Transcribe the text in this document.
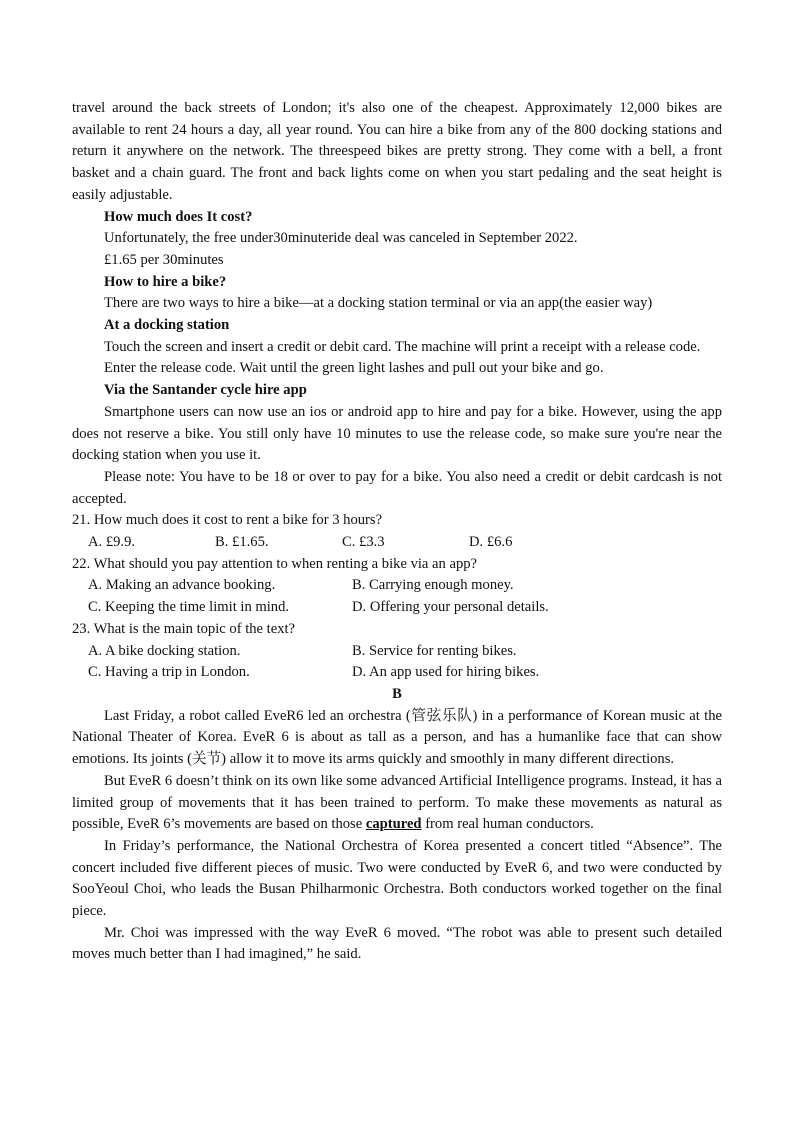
travel around the back streets of London; it's also one of the cheapest. Approximately 12,000 bikes are available to rent 24 hours a day, all year round. You can hire a bike from any of the 800 docking stations and return it anywhere on the network. The threespeed bikes are pretty strong. They come with a bell, a front basket and a chain guard. The front and back lights come on when you start pedaling and the seat height is easily adjustable.

How much does It cost?

Unfortunately, the free under30minuteride deal was canceled in September 2022.

£1.65 per 30minutes

How to hire a bike?

There are two ways to hire a bike—at a docking station terminal or via an app(the easier way)

At a docking station

Touch the screen and insert a credit or debit card. The machine will print a receipt with a release code.

Enter the release code. Wait until the green light lashes and pull out your bike and go.

Via the Santander cycle hire app

Smartphone users can now use an ios or android app to hire and pay for a bike. However, using the app does not reserve a bike. You still only have 10 minutes to use the release code, so make sure you're near the docking station when you use it.

Please note: You have to be 18 or over to pay for a bike. You also need a credit or debit cardcash is not accepted.

21. How much does it cost to rent a bike for 3 hours?

A. £9.9.	B. £1.65.	C. £3.3	D. £6.6

22. What should you pay attention to when renting a bike via an app?

A. Making an advance booking.	B. Carrying enough money.
C. Keeping the time limit in mind.	D. Offering your personal details.

23. What is the main topic of the text?

A. A bike docking station.	B. Service for renting bikes.
C. Having a trip in London.	D. An app used for hiring bikes.

B

Last Friday, a robot called EveR6 led an orchestra (管弦乐队) in a performance of Korean music at the National Theater of Korea. EveR 6 is about as tall as a person, and has a humanlike face that can show emotions. Its joints (关节) allow it to move its arms quickly and smoothly in many different directions.

But EveR 6 doesn’t think on its own like some advanced Artificial Intelligence programs. Instead, it has a limited group of movements that it has been trained to perform. To make these movements as natural as possible, EveR 6’s movements are based on those captured from real human conductors.

In Friday’s performance, the National Orchestra of Korea presented a concert titled “Absence”. The concert included five different pieces of music. Two were conducted by EveR 6, and two were conducted by SooYeoul Choi, who leads the Busan Philharmonic Orchestra. Both conductors worked together on the final piece.

Mr. Choi was impressed with the way EveR 6 moved. “The robot was able to present such detailed moves much better than I had imagined,” he said.
